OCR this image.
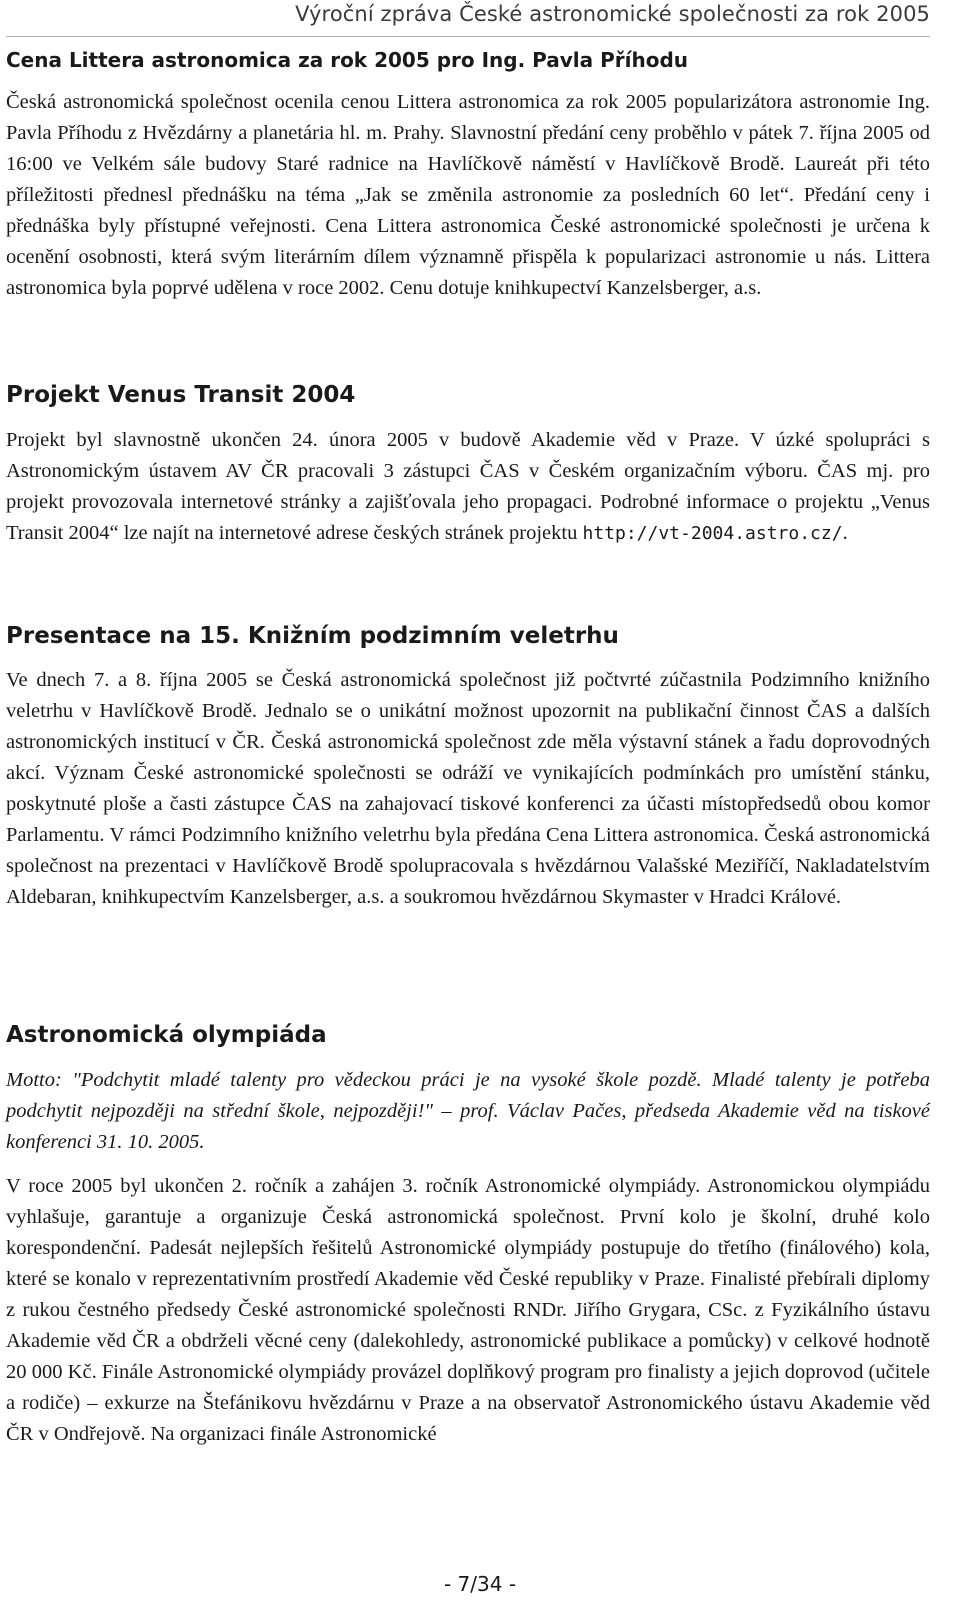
Výroční zpráva České astronomické společnosti za rok 2005
Cena Littera astronomica za rok 2005 pro Ing. Pavla Příhodu

Česká astronomická společnost ocenila cenou Littera astronomica za rok 2005 popularizátora astronomie Ing. Pavla Příhodu z Hvězdárny a planetária hl. m. Prahy. Slavnostní předání ceny proběhlo v pátek 7. října 2005 od 16:00 ve Velkém sále budovy Staré radnice na Havlíčkově náměstí v Havlíčkově Brodě. Laureát při této příležitosti přednesl přednášku na téma „Jak se změnila astronomie za posledních 60 let“. Předání ceny i přednáška byly přístupné veřejnosti. Cena Littera astronomica České astronomické společnosti je určena k ocenění osobnosti, která svým literárním dílem významně přispěla k popularizaci astronomie u nás. Littera astronomica byla poprvé udělena v roce 2002. Cenu dotuje knihkupectví Kanzelsberger, a.s.

Projekt Venus Transit 2004

Projekt byl slavnostně ukončen 24. února 2005 v budově Akademie věd v Praze. V úzké spolupráci s Astronomickým ústavem AV ČR pracovali 3 zástupci ČAS v Českém organizačním výboru. ČAS mj. pro projekt provozovala internetové stránky a zajišťovala jeho propagaci. Podrobné informace o projektu „Venus Transit 2004“ lze najít na internetové adrese českých stránek projektu http://vt-2004.astro.cz/.

Presentace na 15. Knižním podzimním veletrhu

Ve dnech 7. a 8. října 2005 se Česká astronomická společnost již počtvrté zúčastnila Podzimního knižního veletrhu v Havlíčkově Brodě. Jednalo se o unikátní možnost upozornit na publikační činnost ČAS a dalších astronomických institucí v ČR. Česká astronomická společnost zde měla výstavní stánek a řadu doprovodných akcí. Význam České astronomické společnosti se odráží ve vynikajících podmínkách pro umístění stánku, poskytnuté ploše a časti zástupce ČAS na zahajovací tiskové konferenci za účasti místopředsedů obou komor Parlamentu. V rámci Podzimního knižního veletrhu byla předána Cena Littera astronomica. Česká astronomická společnost na prezentaci v Havlíčkově Brodě spolupracovala s hvězdárnou Valašské Meziříčí, Nakladatelstvím Aldebaran, knihkupectvím Kanzelsberger, a.s. a soukromou hvězdárnou Skymaster v Hradci Králové.

Astronomická olympiáda

Motto: "Podchytit mladé talenty pro vědeckou práci je na vysoké škole pozdě. Mladé talenty je potřeba podchytit nejpozději na střední škole, nejpozději!" – prof. Václav Pačes, předseda Akademie věd na tiskové konferenci 31. 10. 2005.

V roce 2005 byl ukončen 2. ročník a zahájen 3. ročník Astronomické olympiády. Astronomickou olympiádu vyhlašuje, garantuje a organizuje Česká astronomická společnost. První kolo je školní, druhé kolo korespondenční. Padesát nejlepších řešitelů Astronomické olympiády postupuje do třetího (finálového) kola, které se konalo v reprezentativním prostředí Akademie věd České republiky v Praze. Finalisté přebírali diplomy z rukou čestného předsedy České astronomické společnosti RNDr. Jiřího Grygara, CSc. z Fyzikálního ústavu Akademie věd ČR a obdrželi věcné ceny (dalekohledy, astronomické publikace a pomůcky) v celkové hodnotě 20 000 Kč. Finále Astronomické olympiády provázel doplňkový program pro finalisty a jejich doprovod (učitele a rodiče) – exkurze na Štefánikovu hvězdárnu v Praze a na observatoř Astronomického ústavu Akademie věd ČR v Ondřejově. Na organizaci finále Astronomické

- 7/34 -
